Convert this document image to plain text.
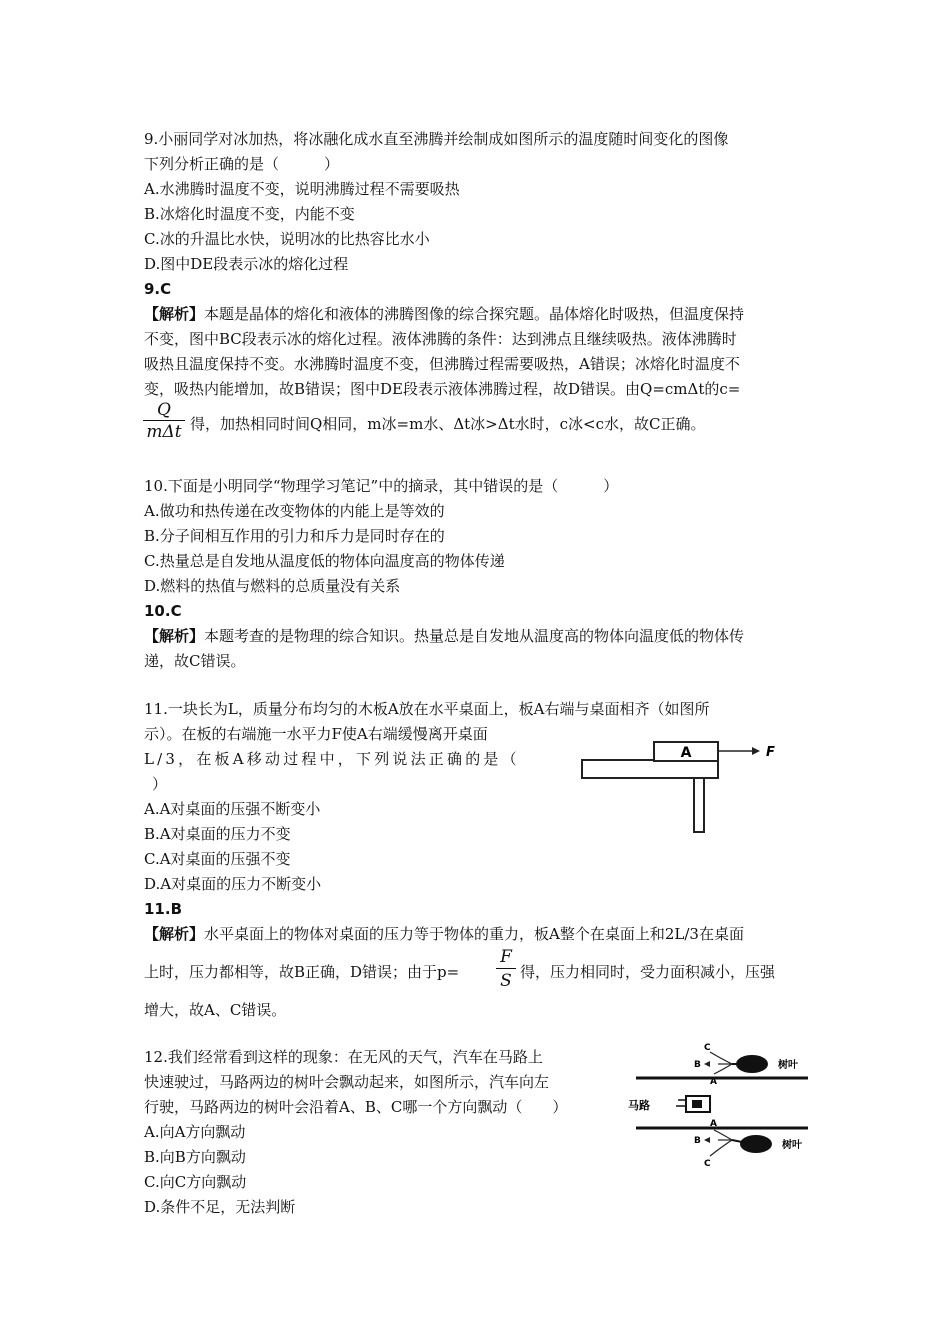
9.小丽同学对冰加热，将冰融化成水直至沸腾并绘制成如图所示的温度随时间变化的图像
下列分析正确的是（　　　）
A.水沸腾时温度不变，说明沸腾过程不需要吸热
B.冰熔化时温度不变，内能不变
C.冰的升温比水快，说明冰的比热容比水小
D.图中DE段表示冰的熔化过程
9.C
【解析】本题是晶体的熔化和液体的沸腾图像的综合探究题。晶体熔化时吸热，但温度保持
不变，图中BC段表示冰的熔化过程。液体沸腾的条件：达到沸点且继续吸热。液体沸腾时
吸热且温度保持不变。水沸腾时温度不变，但沸腾过程需要吸热，A错误；冰熔化时温度不
变，吸热内能增加，故B错误；图中DE段表示液体沸腾过程，故D错误。由Q=cmΔt的c=
Q
mΔt 得，加热相同时间Q相同，m冰=m水、Δt冰>Δt水时，c冰<c水，故C正确。
10.下面是小明同学“物理学习笔记”中的摘录，其中错误的是（　　　）
A.做功和热传递在改变物体的内能上是等效的
B.分子间相互作用的引力和斥力是同时存在的
C.热量总是自发地从温度低的物体向温度高的物体传递
D.燃料的热值与燃料的总质量没有关系
10.C
【解析】本题考查的是物理的综合知识。热量总是自发地从温度高的物体向温度低的物体传
递，故C错误。
11.一块长为L，质量分布均匀的木板A放在水平桌面上，板A右端与桌面相齐（如图所
示）。在板的右端施一水平力F使A右端缓慢离开桌面
L/3，在板A移动过程中，下列说法正确的是（
）
A.A对桌面的压强不断变小
B.A对桌面的压力不变
C.A对桌面的压强不变
D.A对桌面的压力不断变小
11.B
【解析】水平桌面上的物体对桌面的压力等于物体的重力，板A整个在桌面上和2L/3在桌面
上时，压力都相等，故B正确，D错误；由于$p= \frac{F}{S}$ 得，压力相同时，受力面积减小，压强
增大，故A、C错误。
A	F
12.我们经常看到这样的现象：在无风的天气，汽车在马路上
快速驶过，马路两边的树叶会飘动起来，如图所示，汽车向左
行驶，马路两边的树叶会沿着A、B、C哪一个方向飘动（　　）
A.向A方向飘动
B.向B方向飘动
C.向C方向飘动
D.条件不足，无法判断
C
B
A
树叶
马路
A
B
C
树叶
